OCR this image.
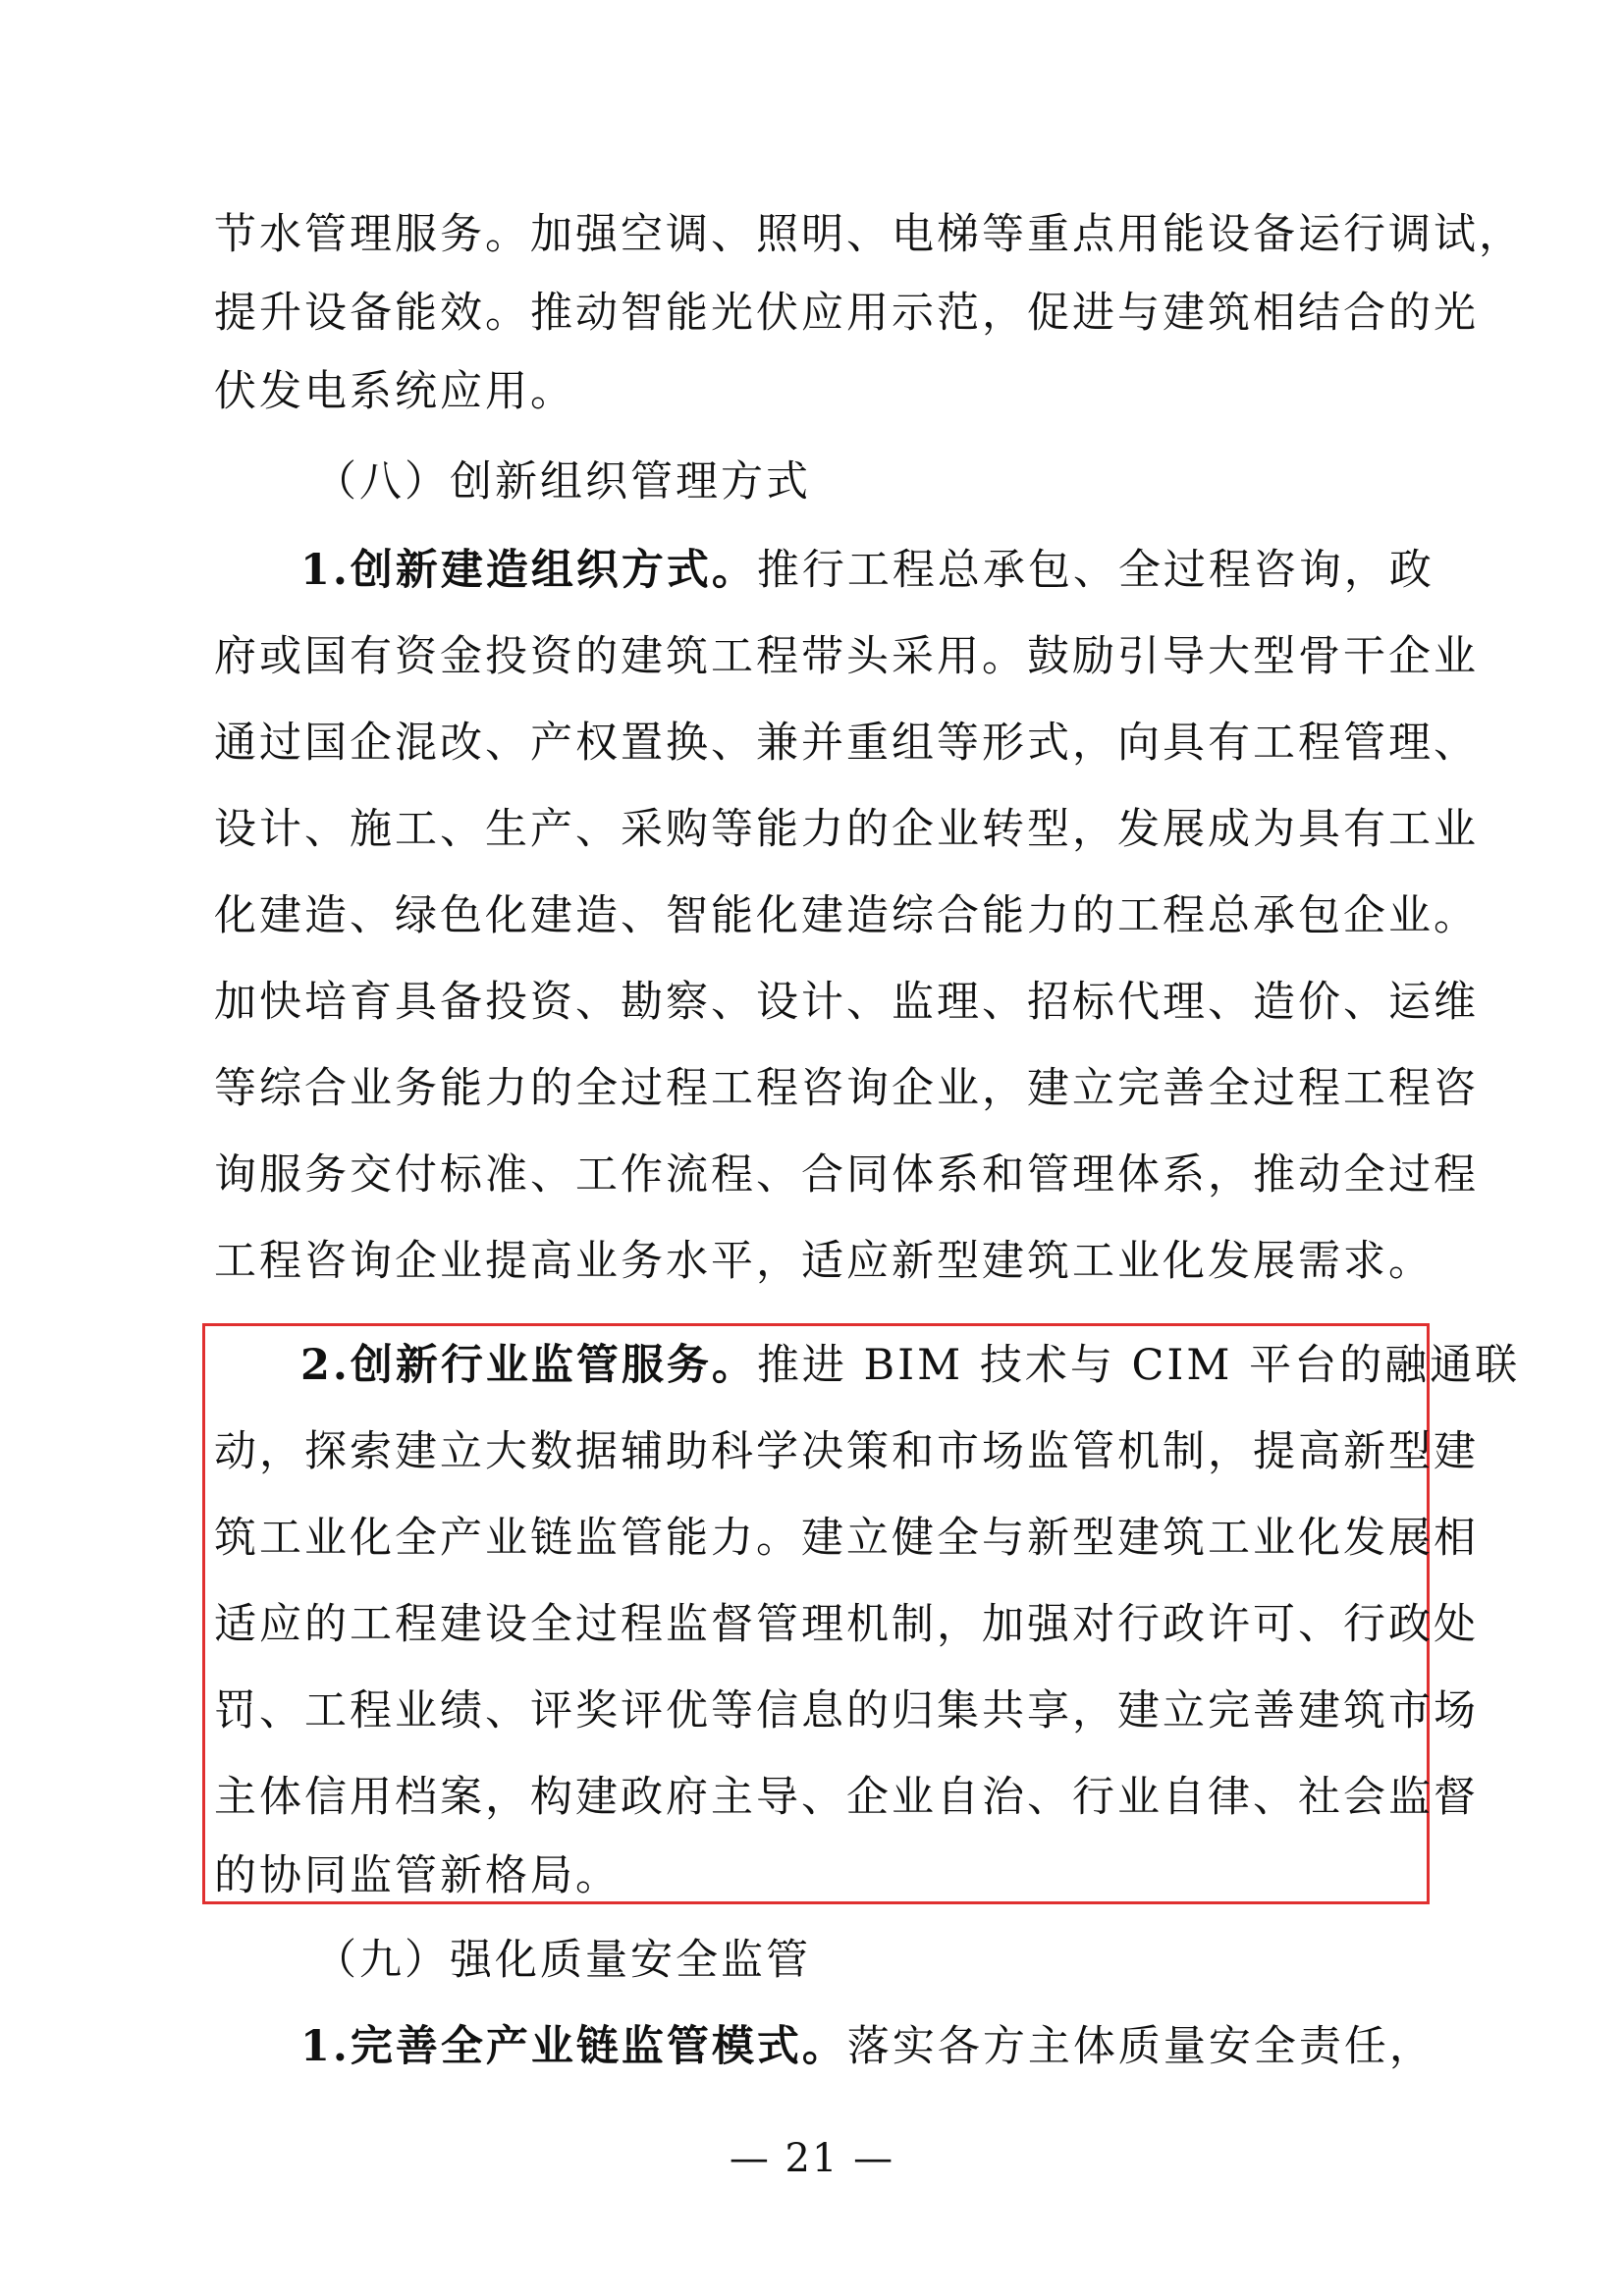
节水管理服务。加强空调、照明、电梯等重点用能设备运行调试，
提升设备能效。推动智能光伏应用示范，促进与建筑相结合的光
伏发电系统应用。
（八）创新组织管理方式
1.创新建造组织方式。推行工程总承包、全过程咨询，政
府或国有资金投资的建筑工程带头采用。鼓励引导大型骨干企业
通过国企混改、产权置换、兼并重组等形式，向具有工程管理、
设计、施工、生产、采购等能力的企业转型，发展成为具有工业
化建造、绿色化建造、智能化建造综合能力的工程总承包企业。
加快培育具备投资、勘察、设计、监理、招标代理、造价、运维
等综合业务能力的全过程工程咨询企业，建立完善全过程工程咨
询服务交付标准、工作流程、合同体系和管理体系，推动全过程
工程咨询企业提高业务水平，适应新型建筑工业化发展需求。
2.创新行业监管服务。推进 BIM 技术与 CIM 平台的融通联
动，探索建立大数据辅助科学决策和市场监管机制，提高新型建
筑工业化全产业链监管能力。建立健全与新型建筑工业化发展相
适应的工程建设全过程监督管理机制，加强对行政许可、行政处
罚、工程业绩、评奖评优等信息的归集共享，建立完善建筑市场
主体信用档案，构建政府主导、企业自治、行业自律、社会监督
的协同监管新格局。
（九）强化质量安全监管
1.完善全产业链监管模式。落实各方主体质量安全责任，
— 21 —
